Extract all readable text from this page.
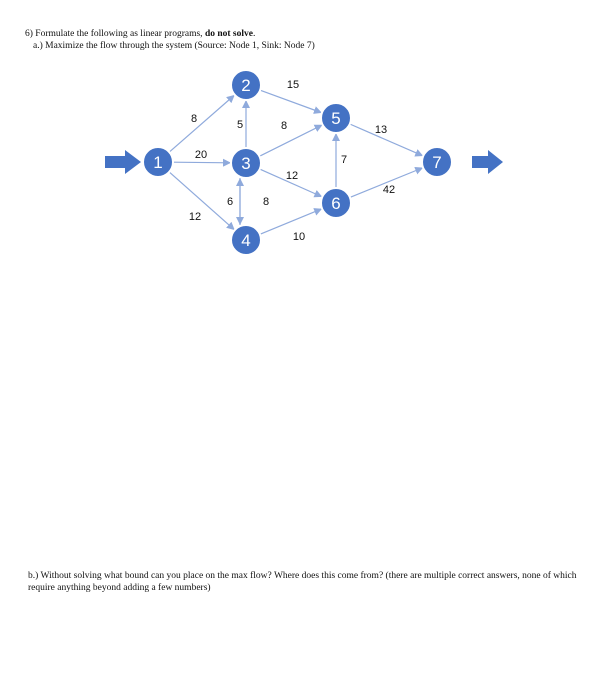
6) Formulate the following as linear programs, do not solve.
a.) Maximize the flow through the system (Source: Node 1, Sink: Node 7)
8
20
12
5
15
8
8
6
12
10
7
13
42
1
2
3
4
5
6
7
b.) Without solving what bound can you place on the max flow? Where does this come from? (there are multiple correct answers, none of which require anything beyond adding a few numbers)
